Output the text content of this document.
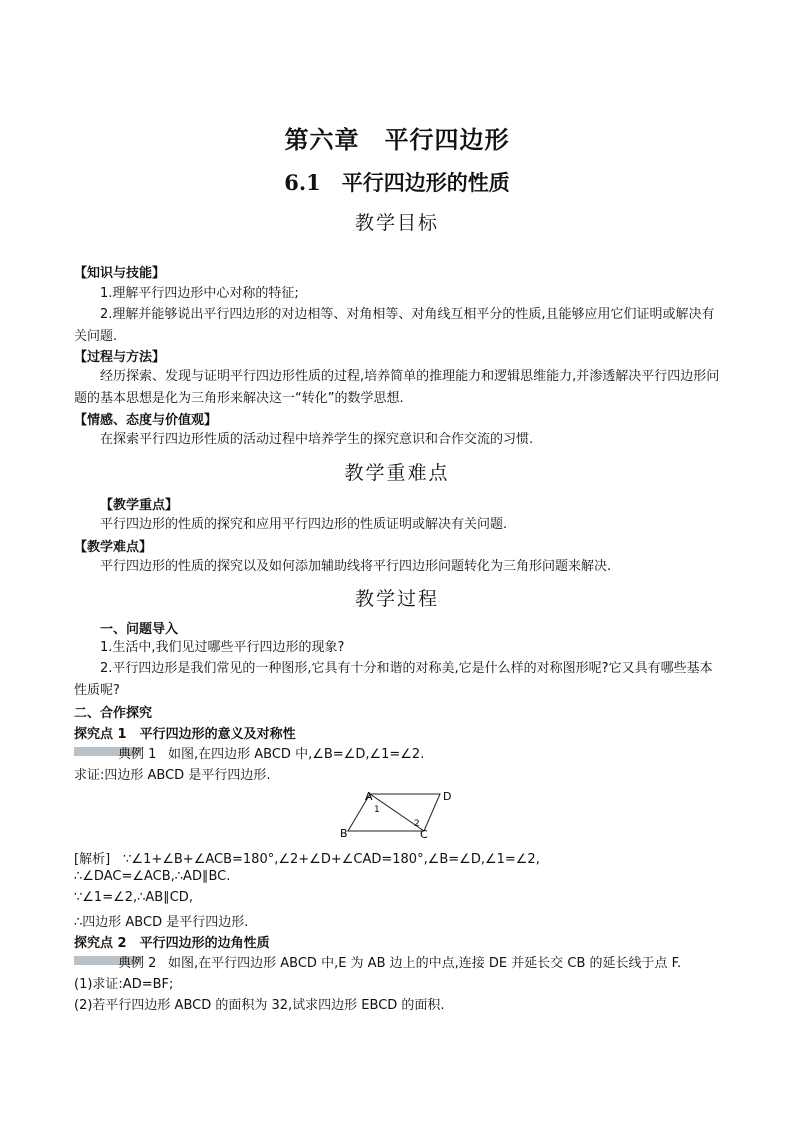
第六章　平行四边形
6.1　平行四边形的性质
教学目标
【知识与技能】
1.理解平行四边形中心对称的特征;
2.理解并能够说出平行四边形的对边相等、对角相等、对角线互相平分的性质,且能够应用它们证明或解决有关问题.
【过程与方法】
经历探索、发现与证明平行四边形性质的过程,培养简单的推理能力和逻辑思维能力,并渗透解决平行四边形问题的基本思想是化为三角形来解决这一“转化”的数学思想.
【情感、态度与价值观】
在探索平行四边形性质的活动过程中培养学生的探究意识和合作交流的习惯.
教学重难点
【教学重点】
平行四边形的性质的探究和应用平行四边形的性质证明或解决有关问题.
【教学难点】
平行四边形的性质的探究以及如何添加辅助线将平行四边形问题转化为三角形问题来解决.
教学过程
一、问题导入
1.生活中,我们见过哪些平行四边形的现象?
2.平行四边形是我们常见的一种图形,它具有十分和谐的对称美,它是什么样的对称图形呢?它又具有哪些基本性质呢?
二、合作探究
探究点 1　平行四边形的意义及对称性
典例 1 如图,在四边形 ABCD 中,∠B=∠D,∠1=∠2.
求证:四边形 ABCD 是平行四边形.
A	D
B	C
1
2
[解析]　∵∠1+∠B+∠ACB=180°,∠2+∠D+∠CAD=180°,∠B=∠D,∠1=∠2,
∴∠DAC=∠ACB,∴AD∥BC.
∵∠1=∠2,∴AB∥CD,
∴四边形 ABCD 是平行四边形.
探究点 2　平行四边形的边角性质
典例 2 如图,在平行四边形 ABCD 中,E 为 AB 边上的中点,连接 DE 并延长交 CB 的延长线于点 F.
(1)求证:AD=BF;
(2)若平行四边形 ABCD 的面积为 32,试求四边形 EBCD 的面积.
